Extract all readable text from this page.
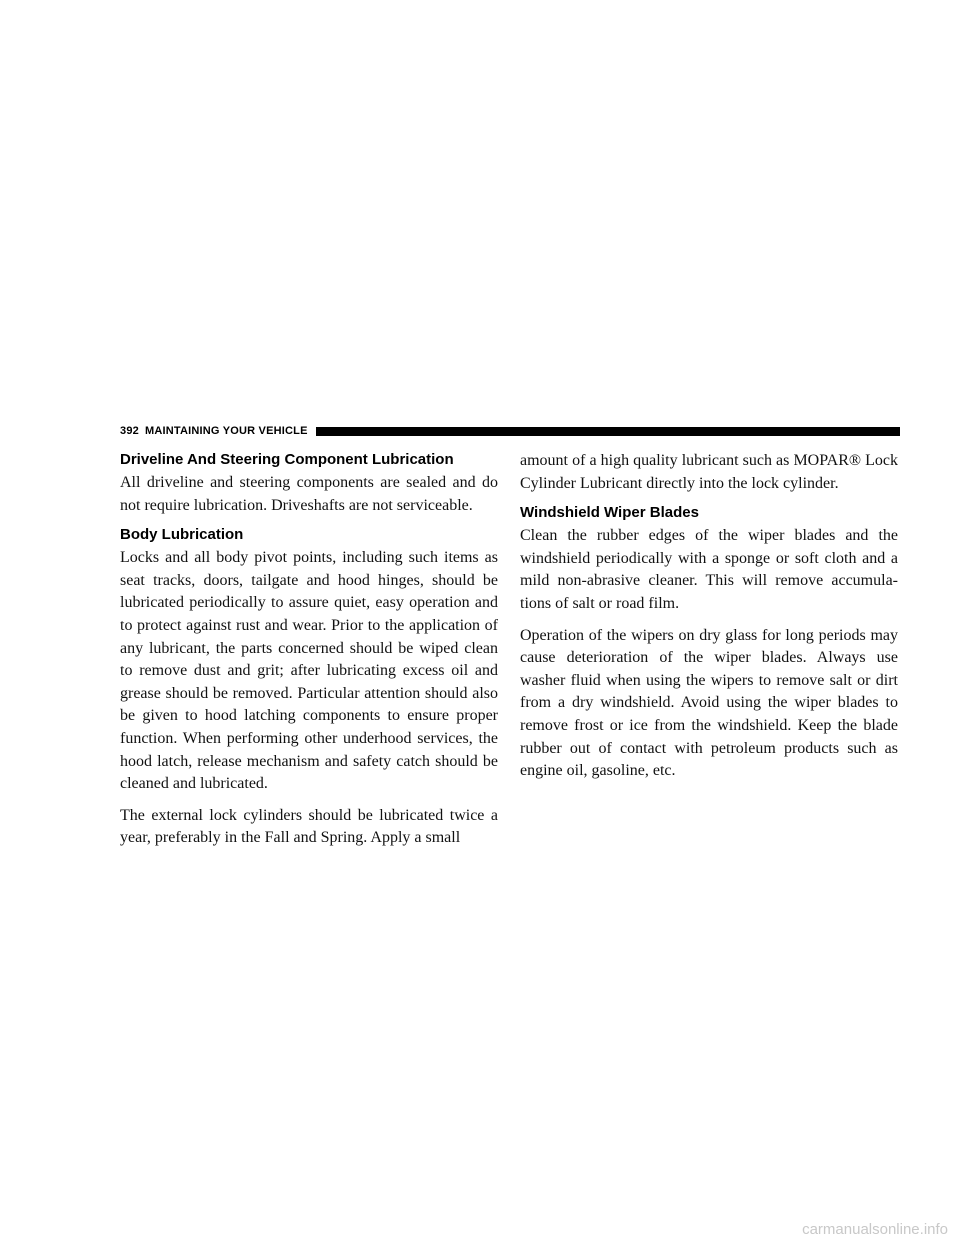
392 MAINTAINING YOUR VEHICLE
Driveline And Steering Component Lubrication

All driveline and steering components are sealed and do not require lubrication. Driveshafts are not serviceable.

Body Lubrication

Locks and all body pivot points, including such items as seat tracks, doors, tailgate and hood hinges, should be lubricated periodically to assure quiet, easy operation and to protect against rust and wear. Prior to the application of any lubricant, the parts concerned should be wiped clean to remove dust and grit; after lubricating excess oil and grease should be removed. Particular attention should also be given to hood latching components to ensure proper function. When performing other underhood services, the hood latch, release mechanism and safety catch should be cleaned and lubricated.

The external lock cylinders should be lubricated twice a year, preferably in the Fall and Spring. Apply a small

amount of a high quality lubricant such as MOPAR® Lock Cylinder Lubricant directly into the lock cylinder.

Windshield Wiper Blades

Clean the rubber edges of the wiper blades and the windshield periodically with a sponge or soft cloth and a mild non-abrasive cleaner. This will remove accumulations of salt or road film.

Operation of the wipers on dry glass for long periods may cause deterioration of the wiper blades. Always use washer fluid when using the wipers to remove salt or dirt from a dry windshield. Avoid using the wiper blades to remove frost or ice from the windshield. Keep the blade rubber out of contact with petroleum products such as engine oil, gasoline, etc.

carmanualsonline.info
